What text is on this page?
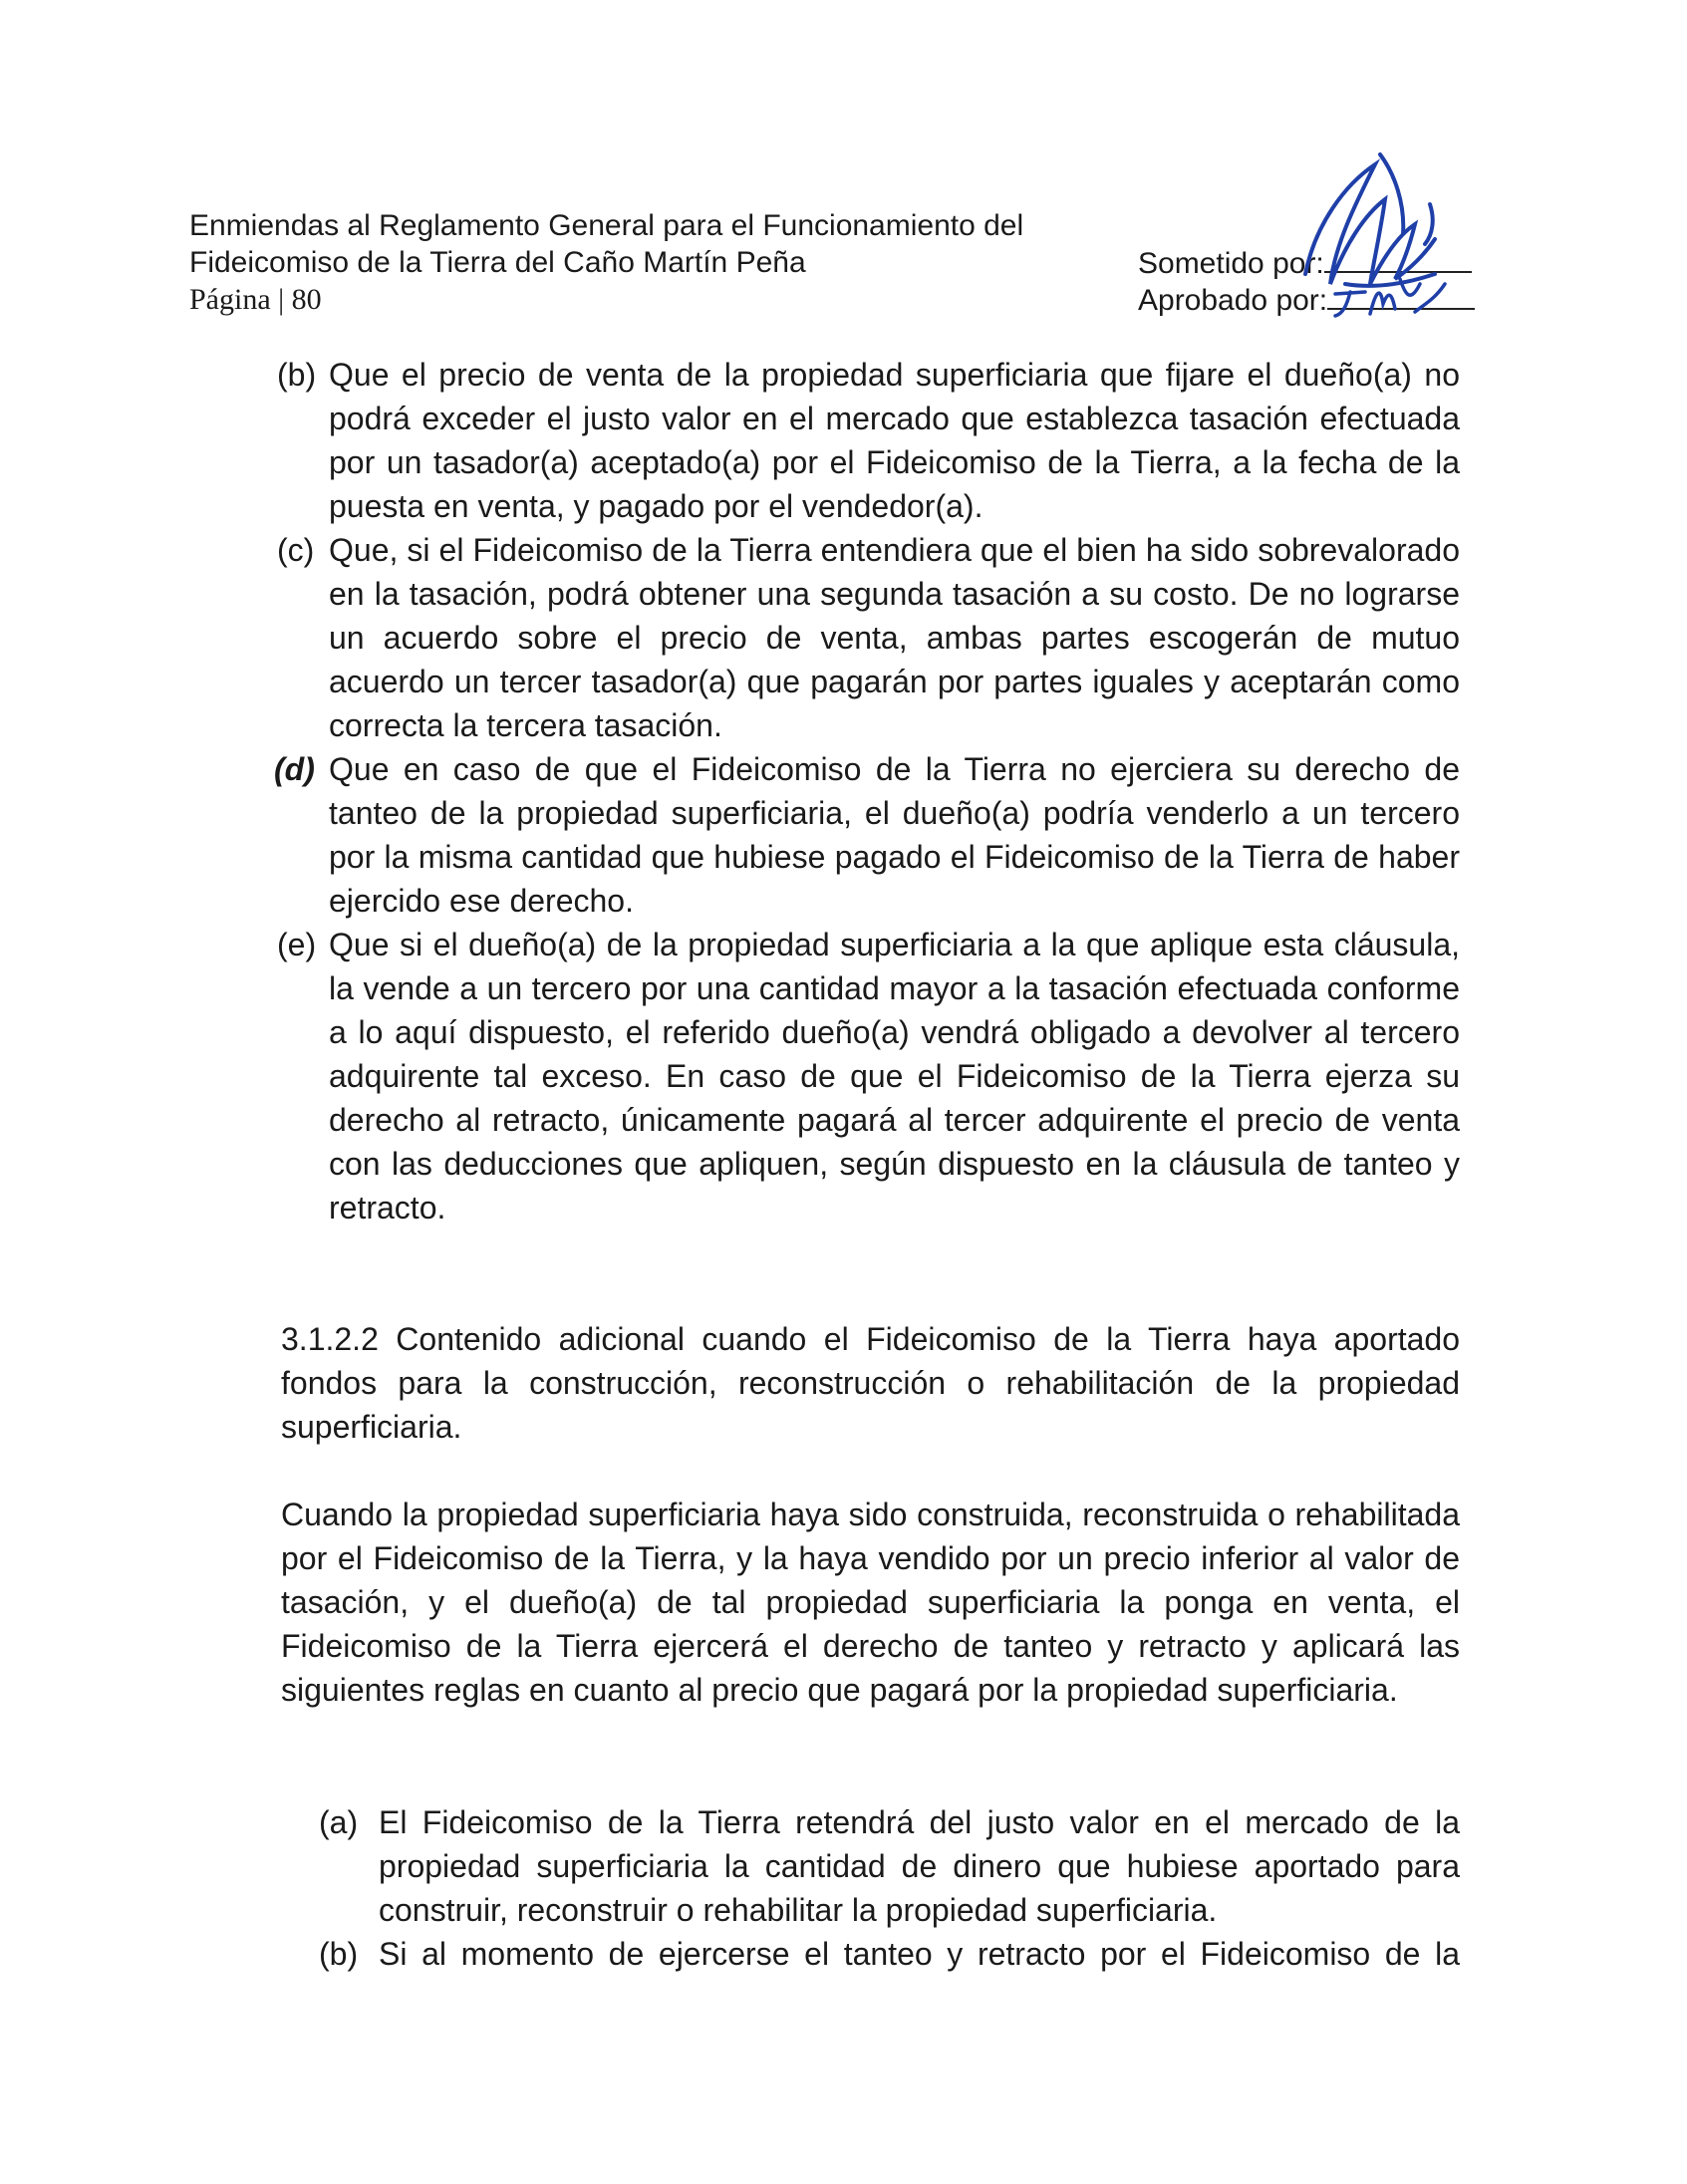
Enmiendas al Reglamento General para el Funcionamiento del
Fideicomiso de la Tierra del Caño Martín Peña
Página | 80
Sometido por:
Aprobado por:
(b) Que el precio de venta de la propiedad superficiaria que fijare el dueño(a) no podrá exceder el justo valor en el mercado que establezca tasación efectuada por un tasador(a) aceptado(a) por el Fideicomiso de la Tierra, a la fecha de la puesta en venta, y pagado por el vendedor(a).
(c) Que, si el Fideicomiso de la Tierra entendiera que el bien ha sido sobrevalorado en la tasación, podrá obtener una segunda tasación a su costo. De no lograrse un acuerdo sobre el precio de venta, ambas partes escogerán de mutuo acuerdo un tercer tasador(a) que pagarán por partes iguales y aceptarán como correcta la tercera tasación.
(d) Que en caso de que el Fideicomiso de la Tierra no ejerciera su derecho de tanteo de la propiedad superficiaria, el dueño(a) podría venderlo a un tercero por la misma cantidad que hubiese pagado el Fideicomiso de la Tierra de haber ejercido ese derecho.
(e) Que si el dueño(a) de la propiedad superficiaria a la que aplique esta cláusula, la vende a un tercero por una cantidad mayor a la tasación efectuada conforme a lo aquí dispuesto, el referido dueño(a) vendrá obligado a devolver al tercero adquirente tal exceso. En caso de que el Fideicomiso de la Tierra ejerza su derecho al retracto, únicamente pagará al tercer adquirente el precio de venta con las deducciones que apliquen, según dispuesto en la cláusula de tanteo y retracto.

3.1.2.2 Contenido adicional cuando el Fideicomiso de la Tierra haya aportado fondos para la construcción, reconstrucción o rehabilitación de la propiedad superficiaria.

Cuando la propiedad superficiaria haya sido construida, reconstruida o rehabilitada por el Fideicomiso de la Tierra, y la haya vendido por un precio inferior al valor de tasación, y el dueño(a) de tal propiedad superficiaria la ponga en venta, el Fideicomiso de la Tierra ejercerá el derecho de tanteo y retracto y aplicará las siguientes reglas en cuanto al precio que pagará por la propiedad superficiaria.

(a) El Fideicomiso de la Tierra retendrá del justo valor en el mercado de la propiedad superficiaria la cantidad de dinero que hubiese aportado para construir, reconstruir o rehabilitar la propiedad superficiaria.
(b) Si al momento de ejercerse el tanteo y retracto por el Fideicomiso de la
